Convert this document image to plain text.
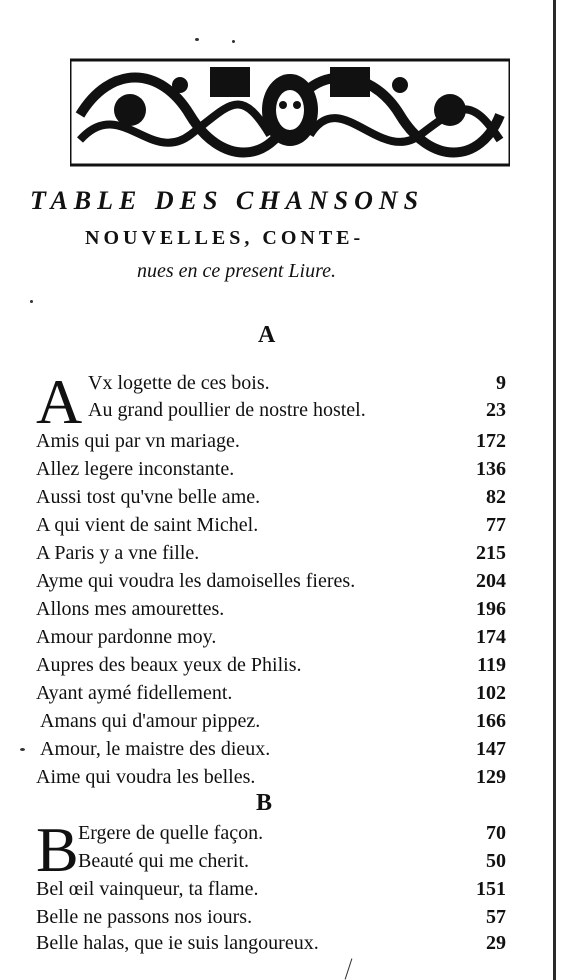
TABLE DES CHANSONS
NOUVELLES, CONTE-
nues en ce present Liure.
A
A Vx logette de ces bois.	9
Au grand poullier de nostre hostel.	23
Amis qui par vn mariage.	172
Allez legere inconstante.	136
Aussi tost qu'vne belle ame.	82
A qui vient de saint Michel.	77
A Paris y a vne fille.	215
Ayme qui voudra les damoiselles fieres.	204
Allons mes amourettes.	196
Amour pardonne moy.	174
Aupres des beaux yeux de Philis.	119
Ayant aymé fidellement.	102
Amans qui d'amour pippez.	166
Amour, le maistre des dieux.	147
Aime qui voudra les belles.	129
B
B Ergere de quelle façon.	70
Beauté qui me cherit.	50
Bel œil vainqueur, ta flame.	151
Belle ne passons nos iours.	57
Belle halas, que ie suis langoureux.	29
